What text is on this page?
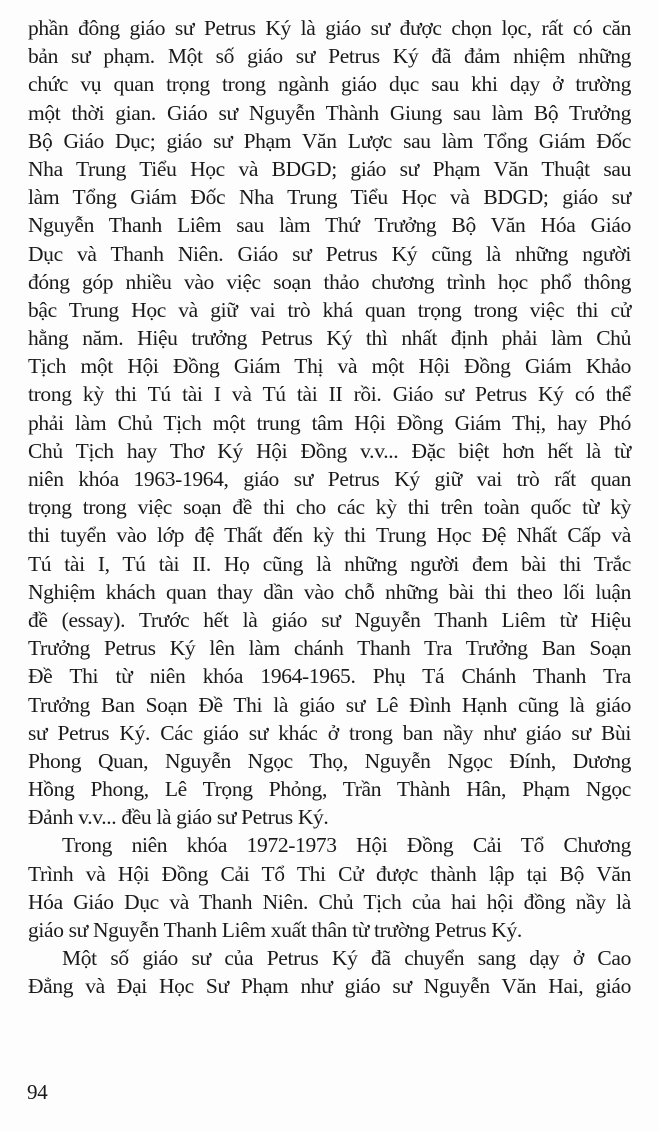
phần đông giáo sư Petrus Ký là giáo sư được chọn lọc, rất có căn
bản sư phạm. Một số giáo sư Petrus Ký đã đảm nhiệm những
chức vụ quan trọng trong ngành giáo dục sau khi dạy ở trường
một thời gian. Giáo sư Nguyễn Thành Giung sau làm Bộ Trưởng
Bộ Giáo Dục; giáo sư Phạm Văn Lược sau làm Tổng Giám Đốc
Nha Trung Tiểu Học và BDGD; giáo sư Phạm Văn Thuật sau
làm Tổng Giám Đốc Nha Trung Tiểu Học và BDGD; giáo sư
Nguyễn Thanh Liêm sau làm Thứ Trưởng Bộ Văn Hóa Giáo
Dục và Thanh Niên. Giáo sư Petrus Ký cũng là những người
đóng góp nhiều vào việc soạn thảo chương trình học phổ thông
bậc Trung Học và giữ vai trò khá quan trọng trong việc thi cử
hằng năm. Hiệu trưởng Petrus Ký thì nhất định phải làm Chủ
Tịch một Hội Đồng Giám Thị và một Hội Đồng Giám Khảo
trong kỳ thi Tú tài I và Tú tài II rồi. Giáo sư Petrus Ký có thể
phải làm Chủ Tịch một trung tâm Hội Đồng Giám Thị, hay Phó
Chủ Tịch hay Thơ Ký Hội Đồng v.v... Đặc biệt hơn hết là từ
niên khóa 1963-1964, giáo sư Petrus Ký giữ vai trò rất quan
trọng trong việc soạn đề thi cho các kỳ thi trên toàn quốc từ kỳ
thi tuyển vào lớp đệ Thất đến kỳ thi Trung Học Đệ Nhất Cấp và
Tú tài I, Tú tài II. Họ cũng là những người đem bài thi Trắc
Nghiệm khách quan thay dần vào chỗ những bài thi theo lối luận
đề (essay). Trước hết là giáo sư Nguyễn Thanh Liêm từ Hiệu
Trưởng Petrus Ký lên làm chánh Thanh Tra Trưởng Ban Soạn
Đề Thi từ niên khóa 1964-1965. Phụ Tá Chánh Thanh Tra
Trưởng Ban Soạn Đề Thi là giáo sư Lê Đình Hạnh cũng là giáo
sư Petrus Ký. Các giáo sư khác ở trong ban nầy như giáo sư Bùi
Phong Quan, Nguyễn Ngọc Thọ, Nguyễn Ngọc Đính, Dương
Hồng Phong, Lê Trọng Phỏng, Trần Thành Hân, Phạm Ngọc
Đảnh v.v... đều là giáo sư Petrus Ký.
Trong niên khóa 1972-1973 Hội Đồng Cải Tổ Chương
Trình và Hội Đồng Cải Tổ Thi Cử được thành lập tại Bộ Văn
Hóa Giáo Dục và Thanh Niên. Chủ Tịch của hai hội đồng nầy là
giáo sư Nguyễn Thanh Liêm xuất thân từ trường Petrus Ký.
Một số giáo sư của Petrus Ký đã chuyển sang dạy ở Cao
Đẳng và Đại Học Sư Phạm như giáo sư Nguyễn Văn Hai, giáo
94
